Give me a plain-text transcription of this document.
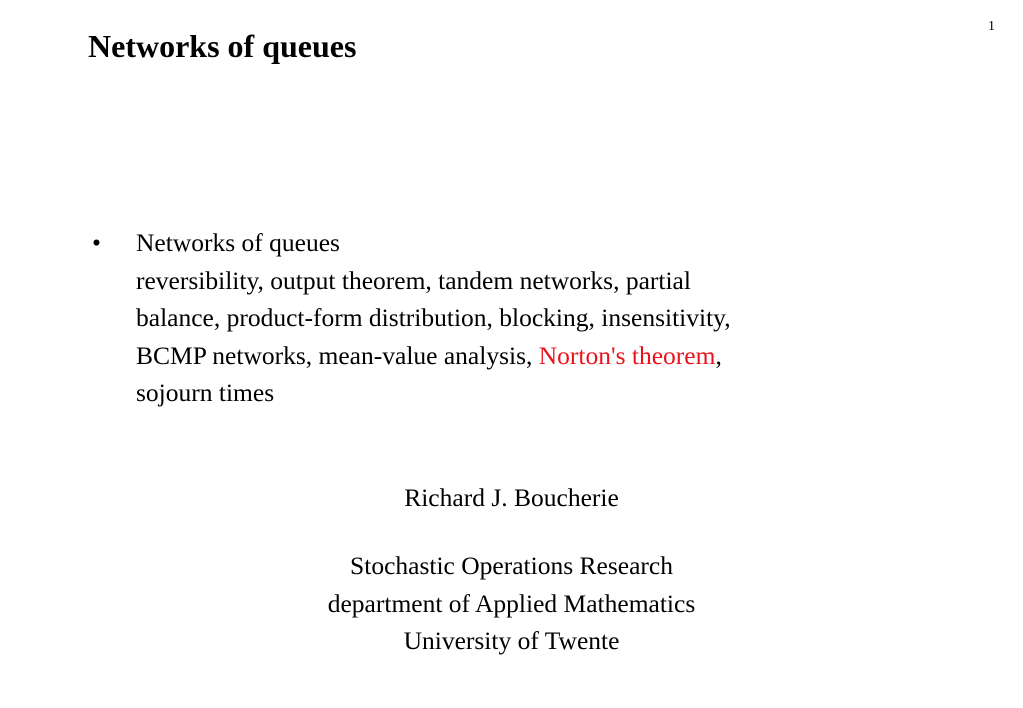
1
Networks of queues
• Networks of queues
reversibility, output theorem, tandem networks, partial
balance, product-form distribution, blocking, insensitivity,
BCMP networks, mean-value analysis, Norton's theorem,
sojourn times
Richard J. Boucherie
Stochastic Operations Research
department of Applied Mathematics
University of Twente
